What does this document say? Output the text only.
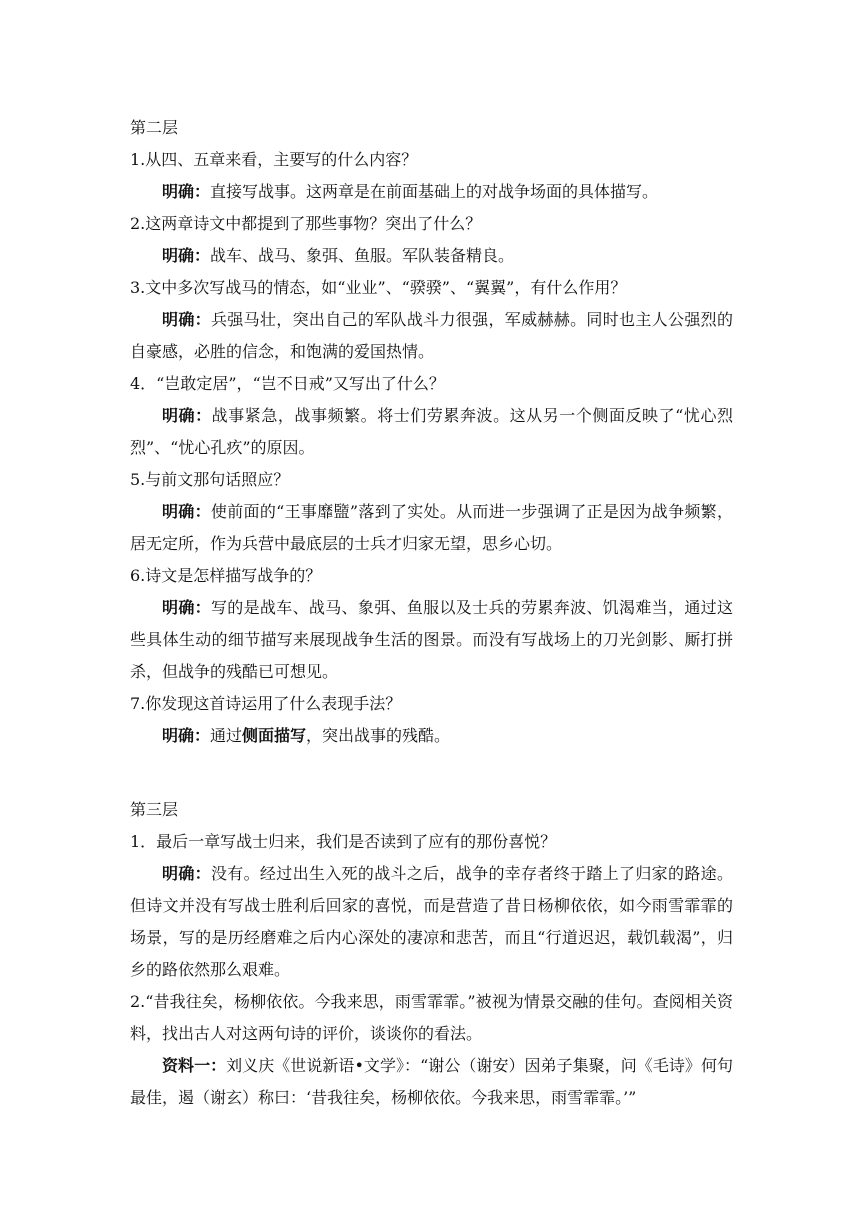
第二层
1.从四、五章来看，主要写的什么内容？
明确：直接写战事。这两章是在前面基础上的对战争场面的具体描写。
2.这两章诗文中都提到了那些事物？突出了什么？
明确：战车、战马、象弭、鱼服。军队装备精良。
3.文中多次写战马的情态，如“业业”、“骙骙”、“翼翼”，有什么作用？
明确：兵强马壮，突出自己的军队战斗力很强，军威赫赫。同时也主人公强烈的自豪感，必胜的信念，和饱满的爱国热情。
4．“岂敢定居”，“岂不日戒”又写出了什么？
明确：战事紧急，战事频繁。将士们劳累奔波。这从另一个侧面反映了“忧心烈烈”、“忧心孔疚”的原因。
5.与前文那句话照应？
明确：使前面的“王事靡盬”落到了实处。从而进一步强调了正是因为战争频繁，居无定所，作为兵营中最底层的士兵才归家无望，思乡心切。
6.诗文是怎样描写战争的？
明确：写的是战车、战马、象弭、鱼服以及士兵的劳累奔波、饥渴难当，通过这些具体生动的细节描写来展现战争生活的图景。而没有写战场上的刀光剑影、厮打拼杀，但战争的残酷已可想见。
7.你发现这首诗运用了什么表现手法？
明确：通过侧面描写，突出战事的残酷。
第三层
1．最后一章写战士归来，我们是否读到了应有的那份喜悦？
明确：没有。经过出生入死的战斗之后，战争的幸存者终于踏上了归家的路途。但诗文并没有写战士胜利后回家的喜悦，而是营造了昔日杨柳依依，如今雨雪霏霏的场景，写的是历经磨难之后内心深处的凄凉和悲苦，而且“行道迟迟，载饥载渴”，归乡的路依然那么艰难。
2.“昔我往矣，杨柳依依。今我来思，雨雪霏霏。”被视为情景交融的佳句。查阅相关资料，找出古人对这两句诗的评价，谈谈你的看法。
资料一：刘义庆《世说新语•文学》：“谢公（谢安）因弟子集聚，问《毛诗》何句最佳，遏（谢玄）称曰：‘昔我往矣，杨柳依依。今我来思，雨雪霏霏。’”
